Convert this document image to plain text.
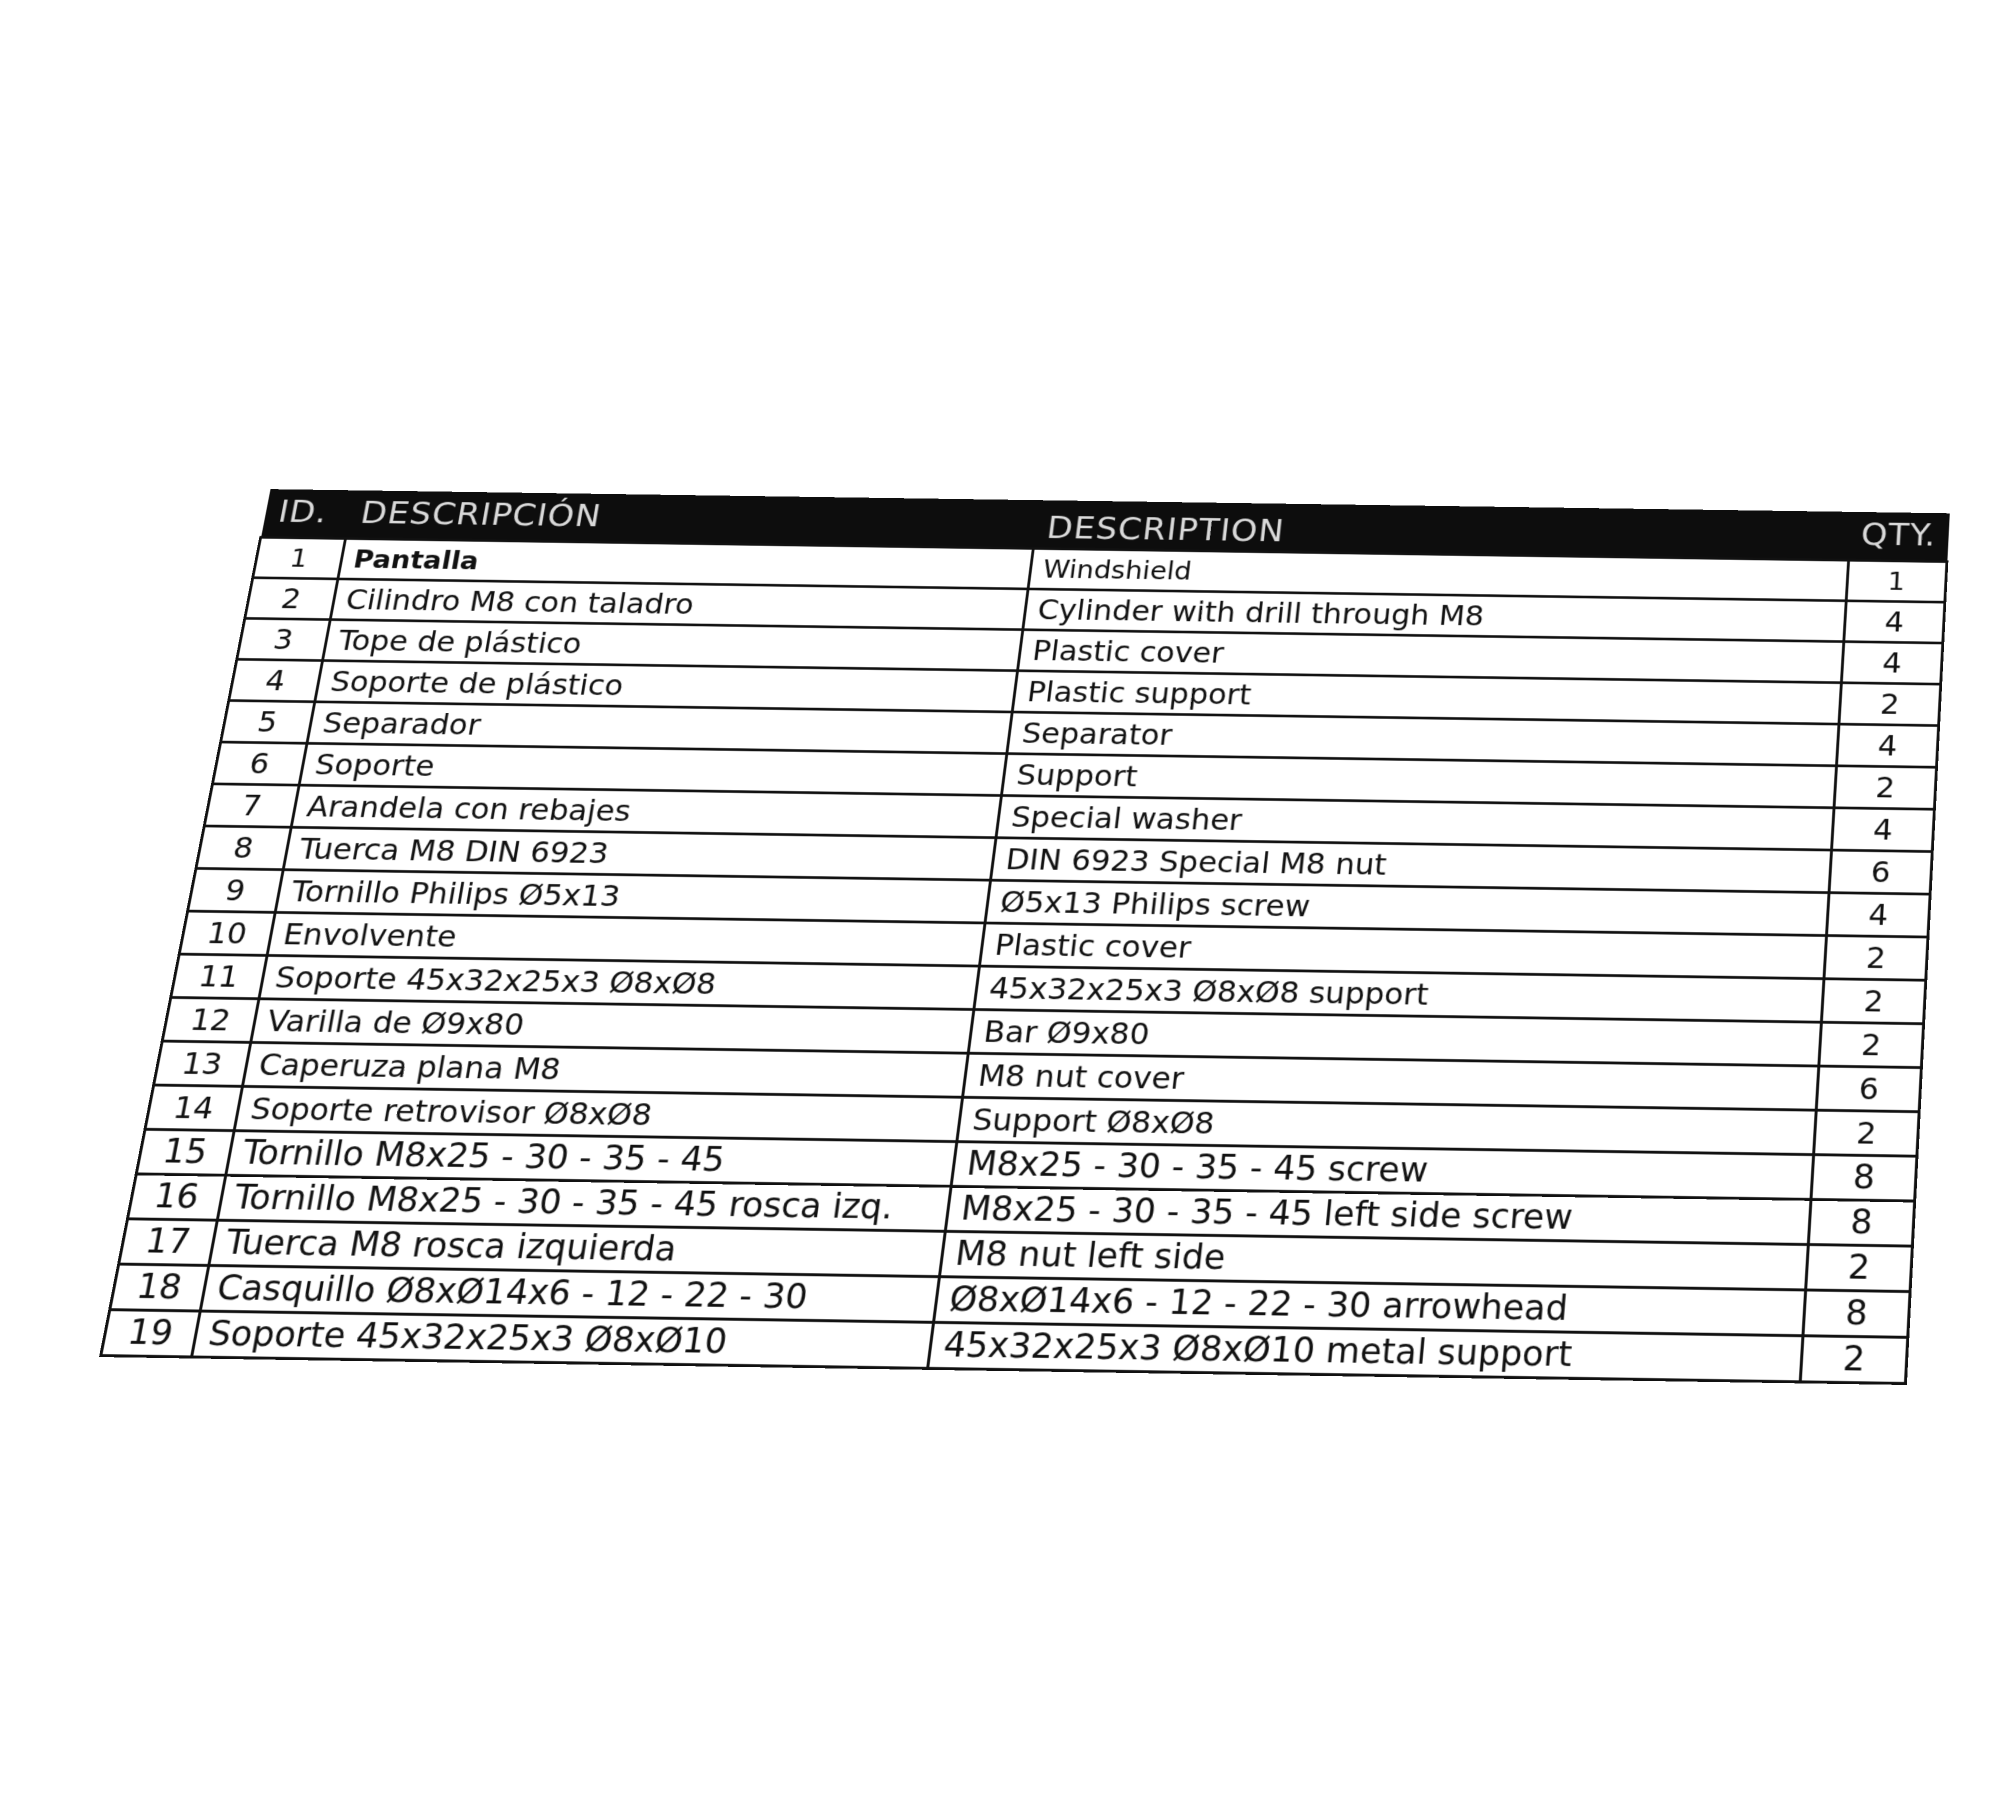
ID.	DESCRIPCIÓN	DESCRIPTION	QTY.
1	Pantalla	Windshield	1
2	Cilindro M8 con taladro	Cylinder with drill through M8	4
3	Tope de plástico	Plastic cover	4
4	Soporte de plástico	Plastic support	2
5	Separador	Separator	4
6	Soporte	Support	2
7	Arandela con rebajes	Special washer	4
8	Tuerca M8 DIN 6923	DIN 6923 Special M8 nut	6
9	Tornillo Philips Ø5x13	Ø5x13 Philips screw	4
10	Envolvente	Plastic cover	2
11	Soporte 45x32x25x3 Ø8xØ8	45x32x25x3 Ø8xØ8 support	2
12	Varilla de Ø9x80	Bar Ø9x80	2
13	Caperuza plana M8	M8 nut cover	6
14	Soporte retrovisor Ø8xØ8	Support Ø8xØ8	2
15	Tornillo M8x25 - 30 - 35 - 45	M8x25 - 30 - 35 - 45 screw	8
16	Tornillo M8x25 - 30 - 35 - 45 rosca izq.	M8x25 - 30 - 35 - 45 left side screw	8
17	Tuerca M8 rosca izquierda	M8 nut left side	2
18	Casquillo Ø8xØ14x6 - 12 - 22 - 30	Ø8xØ14x6 - 12 - 22 - 30 arrowhead	8
19	Soporte 45x32x25x3 Ø8xØ10	45x32x25x3 Ø8xØ10 metal support	2
